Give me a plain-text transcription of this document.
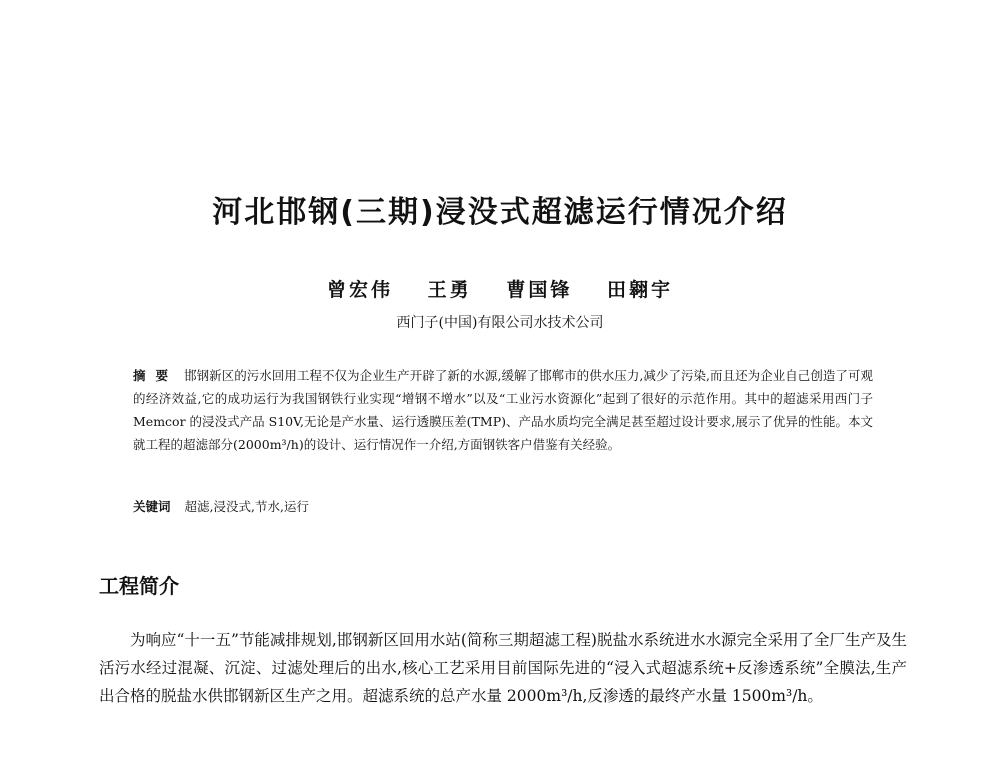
河北邯钢(三期)浸没式超滤运行情况介绍
曾宏伟 王勇 曹国锋 田翱宇
西门子(中国)有限公司水技术公司
摘要 邯钢新区的污水回用工程不仅为企业生产开辟了新的水源,缓解了邯郸市的供水压力,减少了污染,而且还为企业自己创造了可观的经济效益,它的成功运行为我国钢铁行业实现“增钢不增水”以及“工业污水资源化”起到了很好的示范作用。其中的超滤采用西门子 Memcor 的浸没式产品 S10V,无论是产水量、运行透膜压差(TMP)、产品水质均完全满足甚至超过设计要求,展示了优异的性能。本文就工程的超滤部分(2000m³/h)的设计、运行情况作一介绍,方面钢铁客户借鉴有关经验。
关键词 超滤,浸没式,节水,运行
工程简介

为响应“十一五”节能减排规划,邯钢新区回用水站(简称三期超滤工程)脱盐水系统进水水源完全采用了全厂生产及生活污水经过混凝、沉淀、过滤处理后的出水,核心工艺采用目前国际先进的“浸入式超滤系统+反渗透系统”全膜法,生产出合格的脱盐水供邯钢新区生产之用。超滤系统的总产水量 2000m³/h,反渗透的最终产水量 1500m³/h。
